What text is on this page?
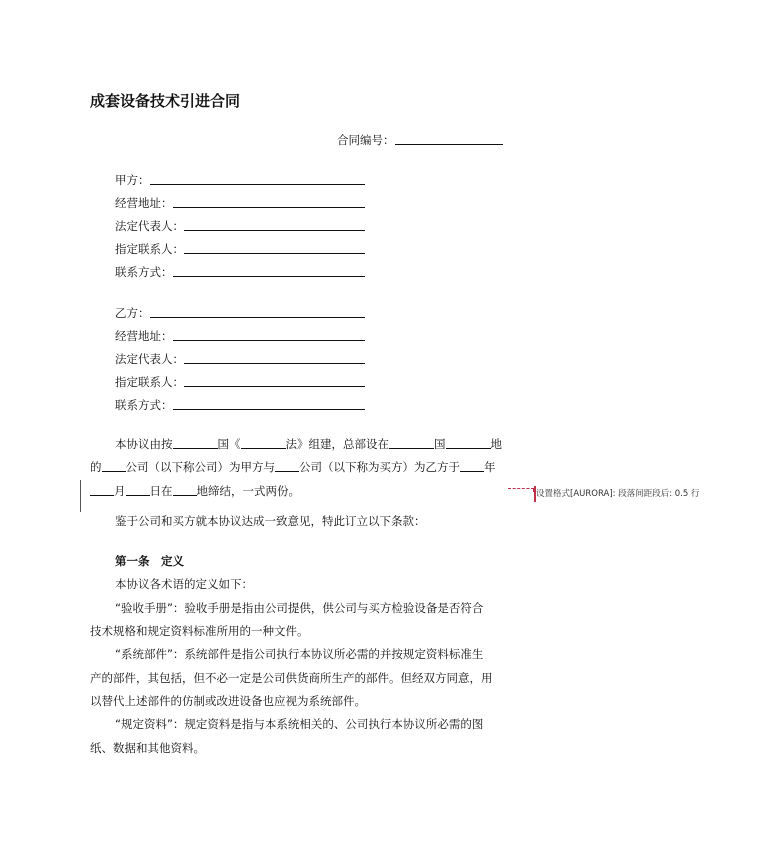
成套设备技术引进合同
合同编号：
甲方：
经营地址：
法定代表人：
指定联系人：
联系方式：
乙方：
经营地址：
法定代表人：
指定联系人：
联系方式：
本协议由按	国《	法》组建，总部设在	国	地
的 公司（以下称公司）为甲方与 公司（以下称为买方）为乙方于 年
月 日在 地缔结，一式两份。
鉴于公司和买方就本协议达成一致意见，特此订立以下条款：
设置格式[AURORA]: 段落间距段后: 0.5 行
第一条　定义
本协议各术语的定义如下：
“验收手册”：验收手册是指由公司提供，供公司与买方检验设备是否符合
技术规格和规定资料标准所用的一种文件。
“系统部件”：系统部件是指公司执行本协议所必需的并按规定资料标准生
产的部件，其包括，但不必一定是公司供货商所生产的部件。但经双方同意，用
以替代上述部件的仿制或改进设备也应视为系统部件。
“规定资料”：规定资料是指与本系统相关的、公司执行本协议所必需的图
纸、数据和其他资料。
